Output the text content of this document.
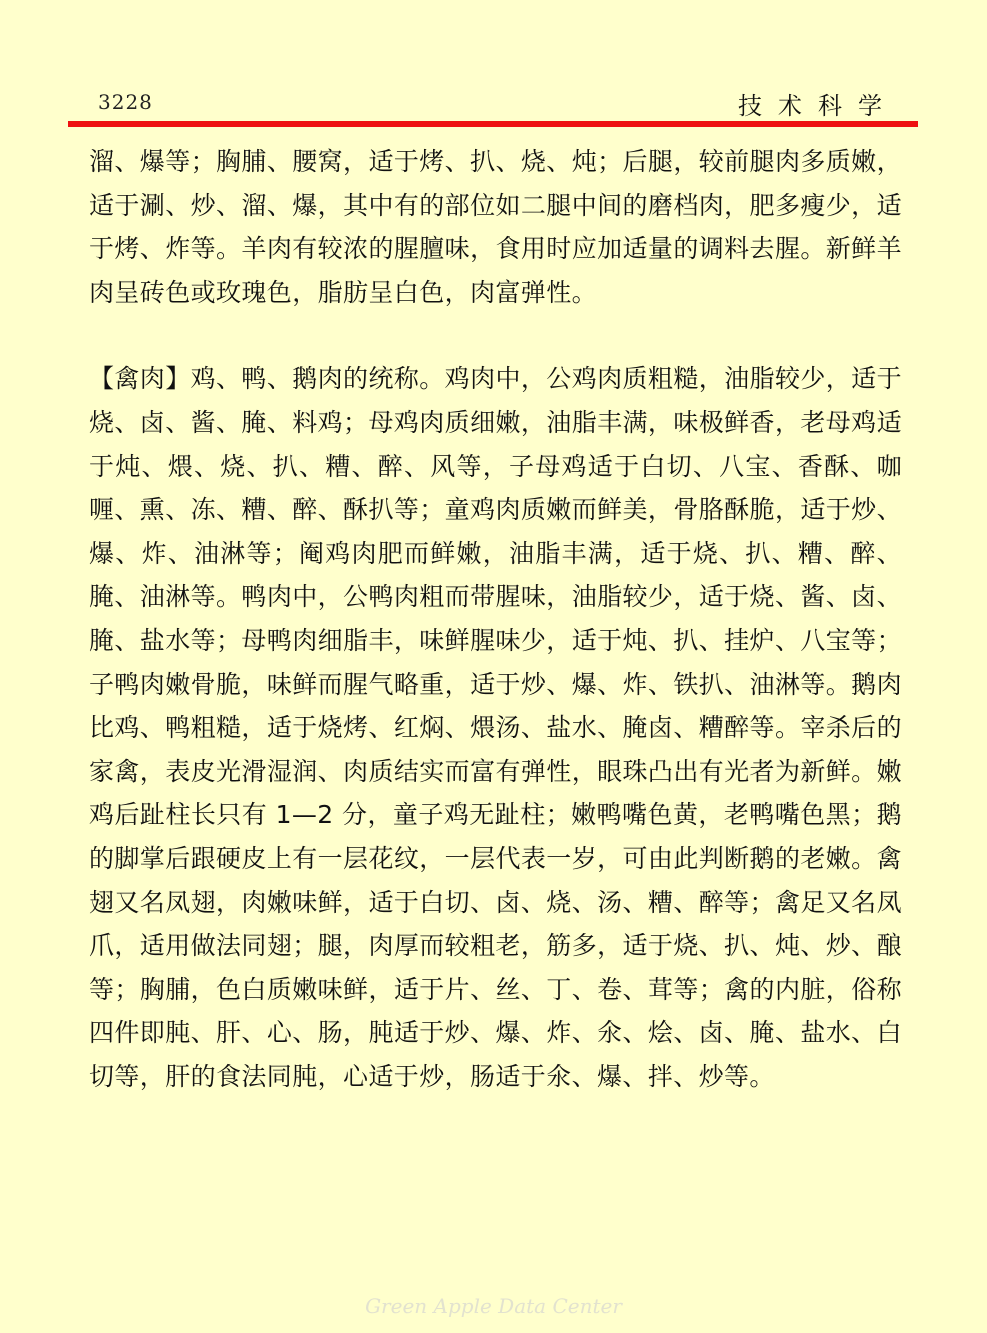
3228	技术科学

溜、爆等；胸脯、腰窝，适于烤、扒、烧、炖；后腿，较前腿肉多质嫩，适于涮、炒、溜、爆，其中有的部位如二腿中间的磨档肉，肥多瘦少，适于烤、炸等。羊肉有较浓的腥膻味，食用时应加适量的调料去腥。新鲜羊肉呈砖色或玫瑰色，脂肪呈白色，肉富弹性。

【禽肉】鸡、鸭、鹅肉的统称。鸡肉中，公鸡肉质粗糙，油脂较少，适于烧、卤、酱、腌、料鸡；母鸡肉质细嫩，油脂丰满，味极鲜香，老母鸡适于炖、煨、烧、扒、糟、醉、风等，子母鸡适于白切、八宝、香酥、咖喱、熏、冻、糟、醉、酥扒等；童鸡肉质嫩而鲜美，骨胳酥脆，适于炒、爆、炸、油淋等；阉鸡肉肥而鲜嫩，油脂丰满，适于烧、扒、糟、醉、腌、油淋等。鸭肉中，公鸭肉粗而带腥味，油脂较少，适于烧、酱、卤、腌、盐水等；母鸭肉细脂丰，味鲜腥味少，适于炖、扒、挂炉、八宝等；子鸭肉嫩骨脆，味鲜而腥气略重，适于炒、爆、炸、铁扒、油淋等。鹅肉比鸡、鸭粗糙，适于烧烤、红焖、煨汤、盐水、腌卤、糟醉等。宰杀后的家禽，表皮光滑湿润、肉质结实而富有弹性，眼珠凸出有光者为新鲜。嫩鸡后趾柱长只有 1—2 分，童子鸡无趾柱；嫩鸭嘴色黄，老鸭嘴色黑；鹅的脚掌后跟硬皮上有一层花纹，一层代表一岁，可由此判断鹅的老嫩。禽翅又名凤翅，肉嫩味鲜，适于白切、卤、烧、汤、糟、醉等；禽足又名凤爪，适用做法同翅；腿，肉厚而较粗老，筋多，适于烧、扒、炖、炒、酿等；胸脯，色白质嫩味鲜，适于片、丝、丁、卷、茸等；禽的内脏，俗称四件即肫、肝、心、肠，肫适于炒、爆、炸、氽、烩、卤、腌、盐水、白切等，肝的食法同肫，心适于炒，肠适于氽、爆、拌、炒等。

Green Apple Data Center
